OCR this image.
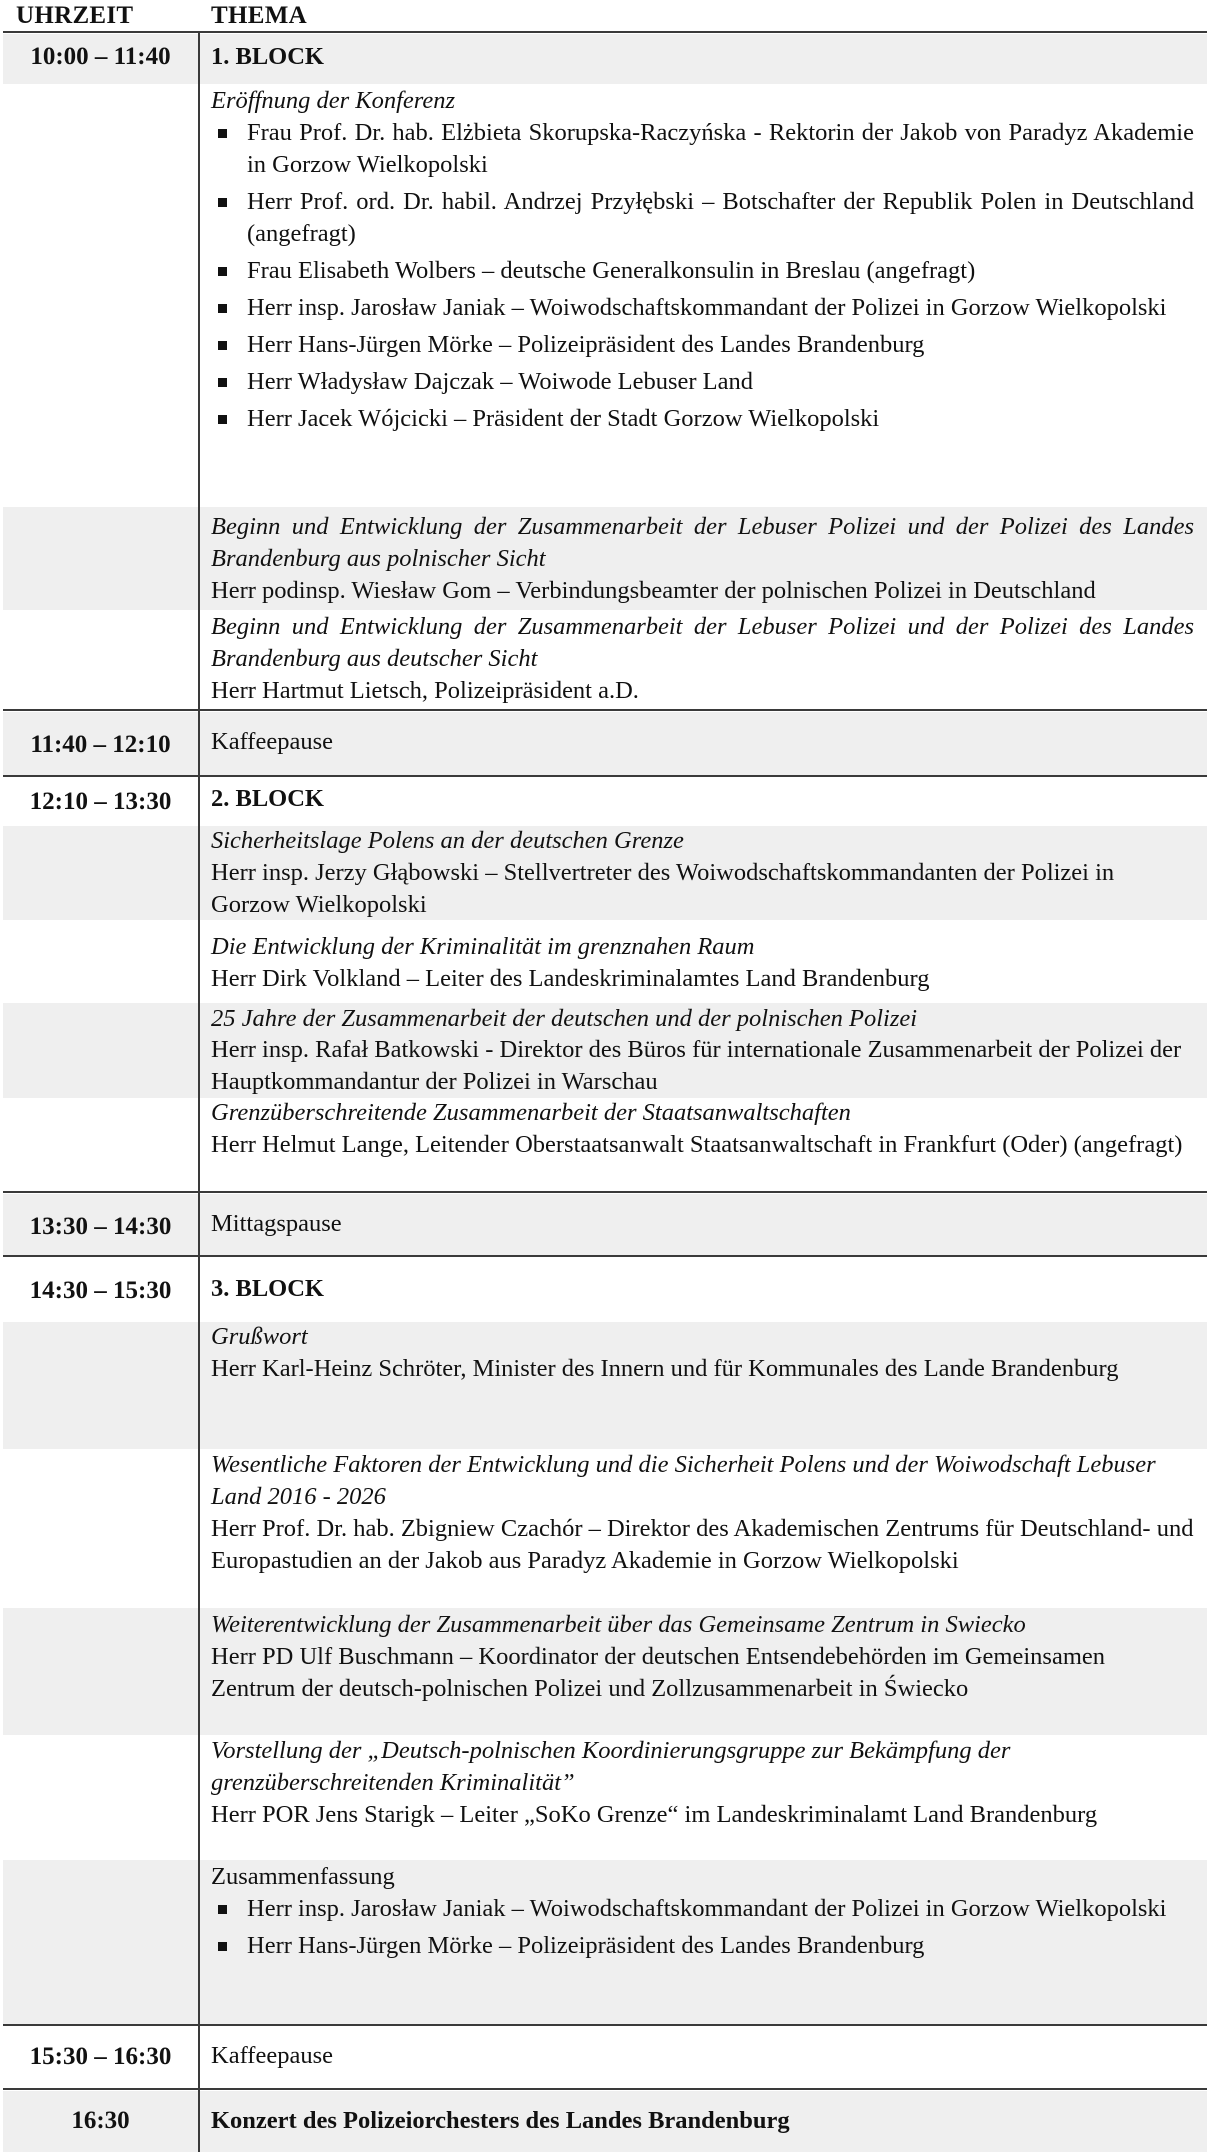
UHRZEIT	THEMA
10:00 – 11:40	1. BLOCK
Eröffnung der Konferenz
Frau Prof. Dr. hab. Elżbieta Skorupska-Raczyńska - Rektorin der Jakob von Paradyz Akademie in Gorzow Wielkopolski
Herr Prof. ord. Dr. habil. Andrzej Przyłębski – Botschafter der Republik Polen in Deutschland (angefragt)
Frau Elisabeth Wolbers – deutsche Generalkonsulin in Breslau (angefragt)
Herr insp. Jarosław Janiak – Woiwodschaftskommandant der Polizei in Gorzow Wielkopolski
Herr Hans-Jürgen Mörke – Polizeipräsident des Landes Brandenburg
Herr Władysław Dajczak – Woiwode Lebuser Land
Herr Jacek Wójcicki – Präsident der Stadt Gorzow Wielkopolski
Beginn und Entwicklung der Zusammenarbeit der Lebuser Polizei und der Polizei des Landes Brandenburg aus polnischer Sicht
Herr podinsp. Wiesław Gom – Verbindungsbeamter der polnischen Polizei in Deutschland
Beginn und Entwicklung der Zusammenarbeit der Lebuser Polizei und der Polizei des Landes Brandenburg aus deutscher Sicht
Herr Hartmut Lietsch, Polizeipräsident a.D.
11:40 – 12:10	Kaffeepause
12:10 – 13:30	2. BLOCK
Sicherheitslage Polens an der deutschen Grenze
Herr insp. Jerzy Głąbowski – Stellvertreter des Woiwodschaftskommandanten der Polizei in Gorzow Wielkopolski
Die Entwicklung der Kriminalität im grenznahen Raum
Herr Dirk Volkland – Leiter des Landeskriminalamtes Land Brandenburg
25 Jahre der Zusammenarbeit der deutschen und der polnischen Polizei
Herr insp. Rafał Batkowski - Direktor des Büros für internationale Zusammenarbeit der Polizei der Hauptkommandantur der Polizei in Warschau
Grenzüberschreitende Zusammenarbeit der Staatsanwaltschaften
Herr Helmut Lange, Leitender Oberstaatsanwalt Staatsanwaltschaft in Frankfurt (Oder) (angefragt)
13:30 – 14:30	Mittagspause
14:30 – 15:30	3. BLOCK
Grußwort
Herr Karl-Heinz Schröter, Minister des Innern und für Kommunales des Lande Brandenburg
Wesentliche Faktoren der Entwicklung und die Sicherheit Polens und der Woiwodschaft Lebuser Land 2016 - 2026
Herr Prof. Dr. hab. Zbigniew Czachór – Direktor des Akademischen Zentrums für Deutschland- und Europastudien an der Jakob aus Paradyz Akademie in Gorzow Wielkopolski
Weiterentwicklung der Zusammenarbeit über das Gemeinsame Zentrum in Swiecko
Herr PD Ulf Buschmann – Koordinator der deutschen Entsendebehörden im Gemeinsamen Zentrum der deutsch-polnischen Polizei und Zollzusammenarbeit in Świecko
Vorstellung der „Deutsch-polnischen Koordinierungsgruppe zur Bekämpfung der grenzüberschreitenden Kriminalität”
Herr POR Jens Starigk – Leiter „SoKo Grenze“ im Landeskriminalamt Land Brandenburg
Zusammenfassung
Herr insp. Jarosław Janiak – Woiwodschaftskommandant der Polizei in Gorzow Wielkopolski
Herr Hans-Jürgen Mörke – Polizeipräsident des Landes Brandenburg
15:30 – 16:30	Kaffeepause
16:30	Konzert des Polizeiorchesters des Landes Brandenburg
